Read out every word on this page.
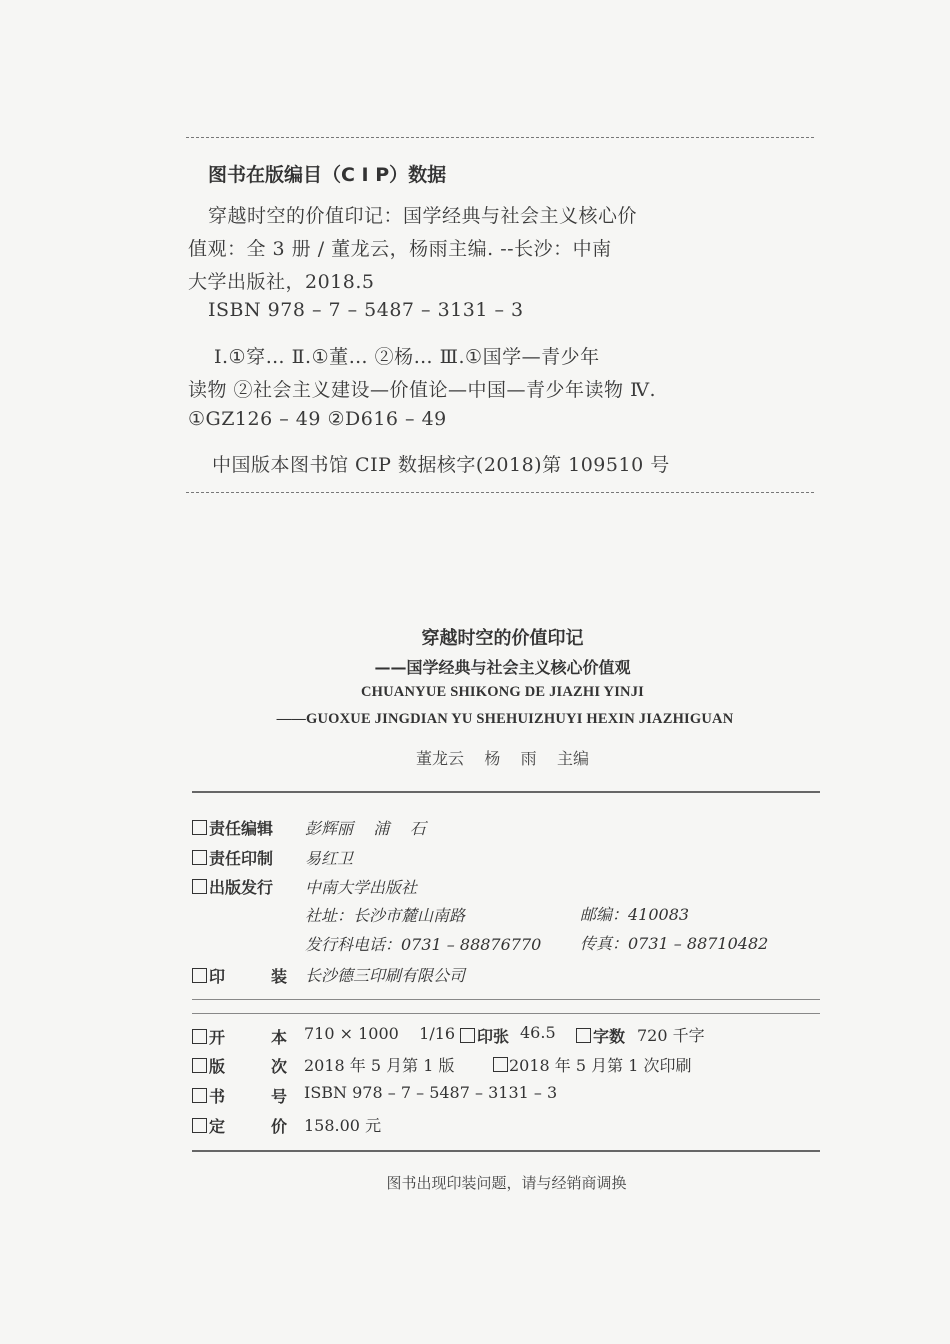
图书在版编目（C I P）数据
穿越时空的价值印记：国学经典与社会主义核心价
值观：全 3 册 / 董龙云，杨雨主编. --长沙：中南
大学出版社，2018.5
ISBN 978 – 7 – 5487 – 3131 – 3
Ⅰ.①穿… Ⅱ.①董… ②杨… Ⅲ.①国学—青少年
读物 ②社会主义建设—价值论—中国—青少年读物 Ⅳ.
①GZ126 – 49 ②D616 – 49
中国版本图书馆 CIP 数据核字(2018)第 109510 号
穿越时空的价值印记
——国学经典与社会主义核心价值观
CHUANYUE SHIKONG DE JIAZHI YINJI
——GUOXUE JINGDIAN YU SHEHUIZHUYI HEXIN JIAZHIGUAN
董龙云    杨    雨    主编
责任编辑 彭辉丽    浦    石
责任印制 易红卫
出版发行 中南大学出版社
社址：长沙市麓山南路	邮编：410083
发行科电话：0731 – 88876770 传真：0731 – 88710482
印	装 长沙德三印刷有限公司
开	本 710 × 1000    1/16	印张 46.5	字数 720 千字
版	次 2018 年 5 月第 1 版	2018 年 5 月第 1 次印刷
书	号 ISBN 978 – 7 – 5487 – 3131 – 3
定	价 158.00 元
图书出现印装问题，请与经销商调换
